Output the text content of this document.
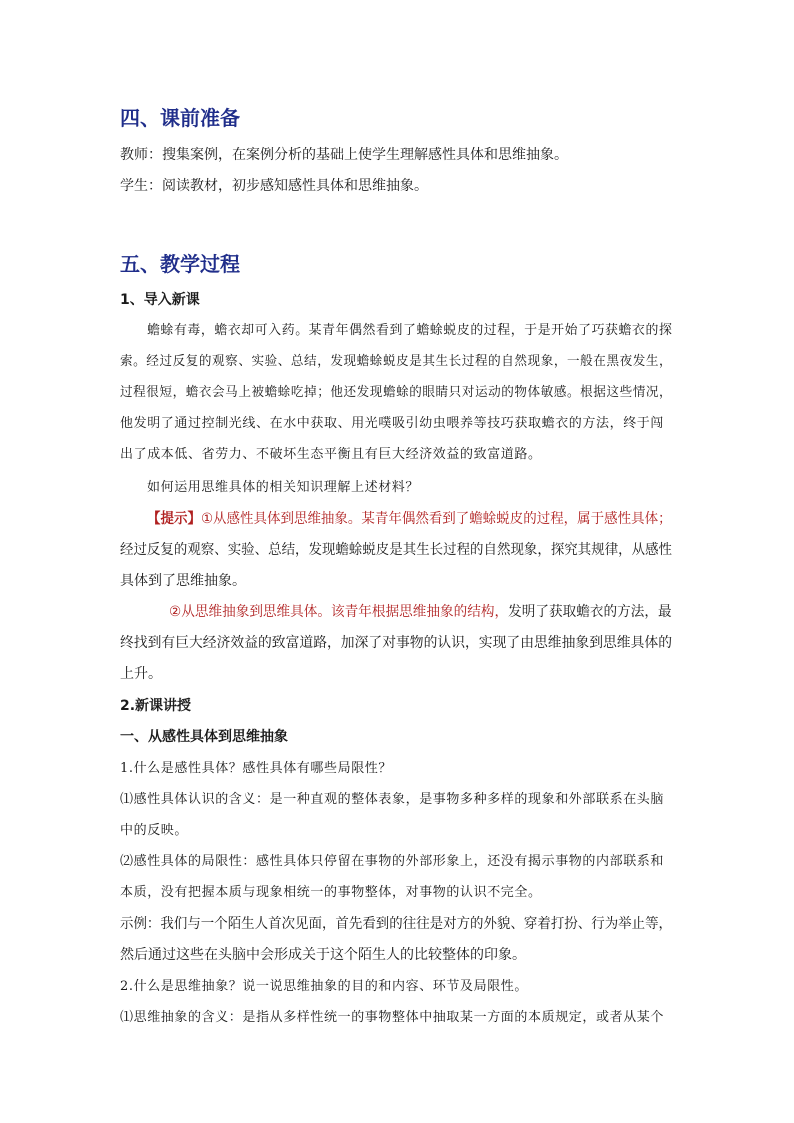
四、课前准备
教师：搜集案例，在案例分析的基础上使学生理解感性具体和思维抽象。
学生：阅读教材，初步感知感性具体和思维抽象。
五、教学过程
1、导入新课
蟾蜍有毒，蟾衣却可入药。某青年偶然看到了蟾蜍蜕皮的过程，于是开始了巧获蟾衣的探
索。经过反复的观察、实验、总结，发现蟾蜍蜕皮是其生长过程的自然现象，一般在黑夜发生，
过程很短，蟾衣会马上被蟾蜍吃掉；他还发现蟾蜍的眼睛只对运动的物体敏感。根据这些情况，
他发明了通过控制光线、在水中获取、用光噗吸引幼虫喂养等技巧获取蟾衣的方法，终于闯
出了成本低、省劳力、不破坏生态平衡且有巨大经济效益的致富道路。
如何运用思维具体的相关知识理解上述材料？
【提示】①从感性具体到思维抽象。某青年偶然看到了蟾蜍蜕皮的过程，属于感性具体；
经过反复的观察、实验、总结，发现蟾蜍蜕皮是其生长过程的自然现象，探究其规律，从感性
具体到了思维抽象。
②从思维抽象到思维具体。该青年根据思维抽象的结构，发明了获取蟾衣的方法，最
终找到有巨大经济效益的致富道路，加深了对事物的认识，实现了由思维抽象到思维具体的
上升。
2.新课讲授
一、从感性具体到思维抽象
1.什么是感性具体？感性具体有哪些局限性？
⑴感性具体认识的含义：是一种直观的整体表象，是事物多种多样的现象和外部联系在头脑
中的反映。
⑵感性具体的局限性：感性具体只停留在事物的外部形象上，还没有揭示事物的内部联系和
本质，没有把握本质与现象相统一的事物整体，对事物的认识不完全。
示例：我们与一个陌生人首次见面，首先看到的往往是对方的外貌、穿着打扮、行为举止等，
然后通过这些在头脑中会形成关于这个陌生人的比较整体的印象。
2.什么是思维抽象？说一说思维抽象的目的和内容、环节及局限性。
⑴思维抽象的含义：是指从多样性统一的事物整体中抽取某一方面的本质规定，或者从某个
